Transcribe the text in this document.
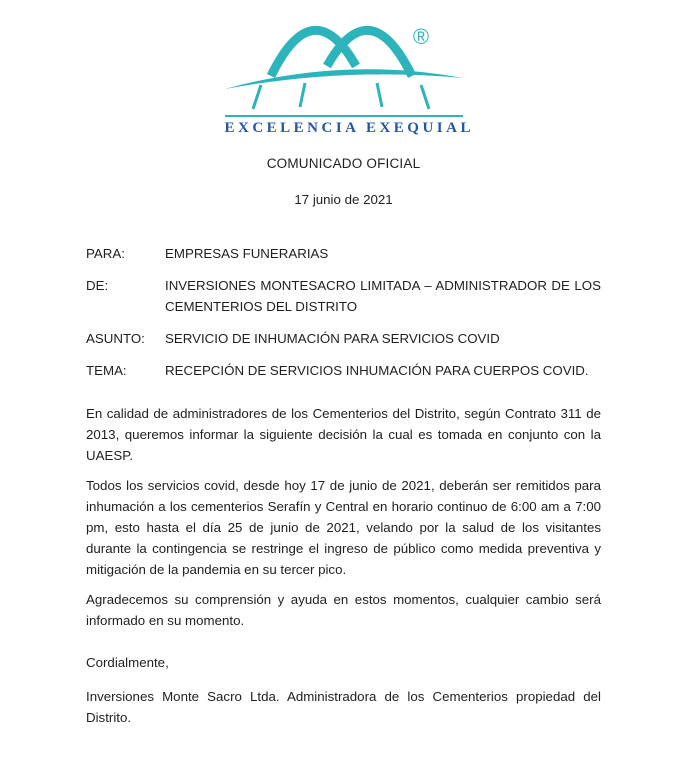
®
EXCELENCIA EXEQUIAL
COMUNICADO OFICIAL
17 junio de 2021
PARA:	EMPRESAS FUNERARIAS
DE:	INVERSIONES MONTESACRO LIMITADA – ADMINISTRADOR DE LOS CEMENTERIOS DEL DISTRITO
ASUNTO:	SERVICIO DE INHUMACIÓN PARA SERVICIOS COVID
TEMA:	RECEPCIÓN DE SERVICIOS INHUMACIÓN PARA CUERPOS COVID.

En calidad de administradores de los Cementerios del Distrito, según Contrato 311 de 2013, queremos informar la siguiente decisión la cual es tomada en conjunto con la UAESP.

Todos los servicios covid, desde hoy 17 de junio de 2021, deberán ser remitidos para inhumación a los cementerios Serafín y Central en horario continuo de 6:00 am a 7:00 pm, esto hasta el día 25 de junio de 2021, velando por la salud de los visitantes durante la contingencia se restringe el ingreso de público como medida preventiva y mitigación de la pandemia en su tercer pico.

Agradecemos su comprensión y ayuda en estos momentos, cualquier cambio será informado en su momento.

Cordialmente,

Inversiones Monte Sacro Ltda. Administradora de los Cementerios propiedad del Distrito.
